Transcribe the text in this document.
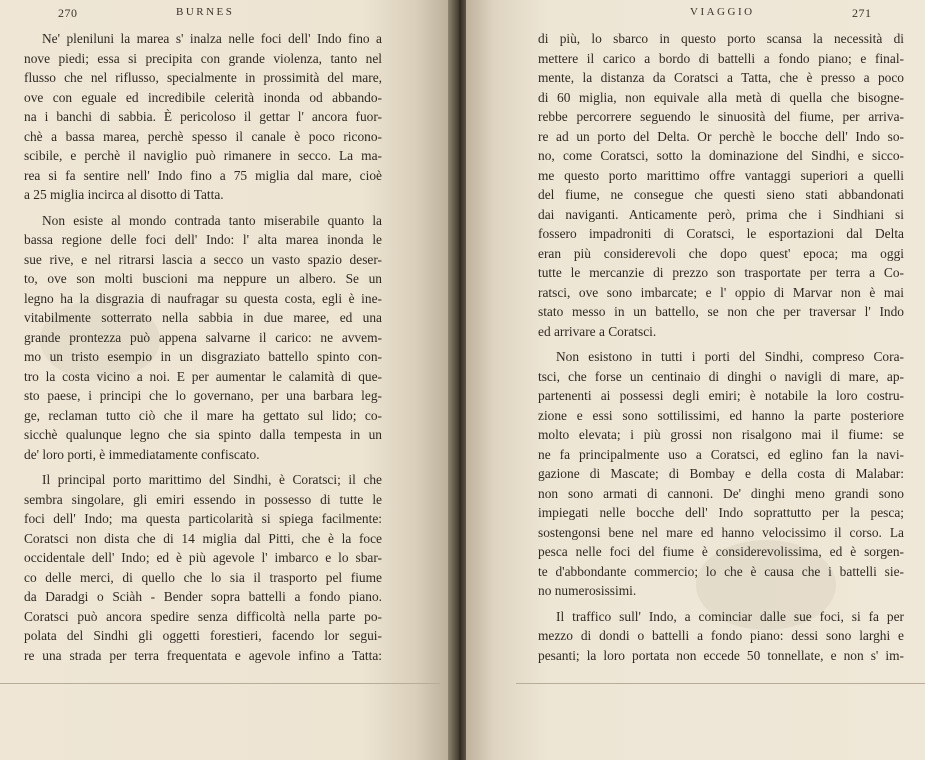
270	BURNES
Ne' pleniluni la marea s' inalza nelle foci dell' Indo fino a
nove piedi; essa si precipita con grande violenza, tanto nel
flusso che nel riflusso, specialmente in prossimità del mare,
ove con eguale ed incredibile celerità inonda od abbando-
na i banchi di sabbia. È pericoloso il gettar l' ancora fuor-
chè a bassa marea, perchè spesso il canale è poco ricono-
scibile, e perchè il naviglio può rimanere in secco. La ma-
rea si fa sentire nell' Indo fino a 75 miglia dal mare, cioè
a 25 miglia incirca al disotto di Tatta.
Non esiste al mondo contrada tanto miserabile quanto la
bassa regione delle foci dell' Indo: l' alta marea inonda le
sue rive, e nel ritrarsi lascia a secco un vasto spazio deser-
to, ove son molti buscioni ma neppure un albero. Se un
legno ha la disgrazia di naufragar su questa costa, egli è ine-
vitabilmente sotterrato nella sabbia in due maree, ed una
grande prontezza può appena salvarne il carico: ne avvem-
mo un tristo esempio in un disgraziato battello spinto con-
tro la costa vicino a noi. E per aumentar le calamità di que-
sto paese, i principi che lo governano, per una barbara leg-
ge, reclaman tutto ciò che il mare ha gettato sul lido; co-
sicchè qualunque legno che sia spinto dalla tempesta in un
de' loro porti, è immediatamente confiscato.
Il principal porto marittimo del Sindhi, è Coratsci; il che
sembra singolare, gli emiri essendo in possesso di tutte le
foci dell' Indo; ma questa particolarità si spiega facilmente:
Coratsci non dista che di 14 miglia dal Pitti, che è la foce
occidentale dell' Indo; ed è più agevole l' imbarco e lo sbar-
co delle merci, di quello che lo sia il trasporto pel fiume
da Daradgi o Sciàh - Bender sopra battelli a fondo piano.
Coratsci può ancora spedire senza difficoltà nella parte po-
polata del Sindhi gli oggetti forestieri, facendo lor segui-
re una strada per terra frequentata e agevole infino a Tatta:
VIAGGIO	271
di più, lo sbarco in questo porto scansa la necessità di
mettere il carico a bordo di battelli a fondo piano; e final-
mente, la distanza da Coratsci a Tatta, che è presso a poco
di 60 miglia, non equivale alla metà di quella che bisogne-
rebbe percorrere seguendo le sinuosità del fiume, per arriva-
re ad un porto del Delta. Or perchè le bocche dell' Indo so-
no, come Coratsci, sotto la dominazione del Sindhi, e sicco-
me questo porto marittimo offre vantaggi superiori a quelli
del fiume, ne consegue che questi sieno stati abbandonati
dai naviganti. Anticamente però, prima che i Sindhiani si
fossero impadroniti di Coratsci, le esportazioni dal Delta
eran più considerevoli che dopo quest' epoca; ma oggi
tutte le mercanzie di prezzo son trasportate per terra a Co-
ratsci, ove sono imbarcate; e l' oppio di Marvar non è mai
stato messo in un battello, se non che per traversar l' Indo
ed arrivare a Coratsci.
Non esistono in tutti i porti del Sindhi, compreso Cora-
tsci, che forse un centinaio di dinghi o navigli di mare, ap-
partenenti ai possessi degli emiri; è notabile la loro costru-
zione e essi sono sottilissimi, ed hanno la parte posteriore
molto elevata; i più grossi non risalgono mai il fiume: se
ne fa principalmente uso a Coratsci, ed eglino fan la navi-
gazione di Mascate; di Bombay e della costa di Malabar:
non sono armati di cannoni. De' dinghi meno grandi sono
impiegati nelle bocche dell' Indo soprattutto per la pesca;
sostengonsi bene nel mare ed hanno velocissimo il corso. La
pesca nelle foci del fiume è considerevolissima, ed è sorgen-
te d'abbondante commercio; lo che è causa che i battelli sie-
no numerosissimi.
Il traffico sull' Indo, a cominciar dalle sue foci, si fa per
mezzo di dondi o battelli a fondo piano: dessi sono larghi e
pesanti; la loro portata non eccede 50 tonnellate, e non s' im-
